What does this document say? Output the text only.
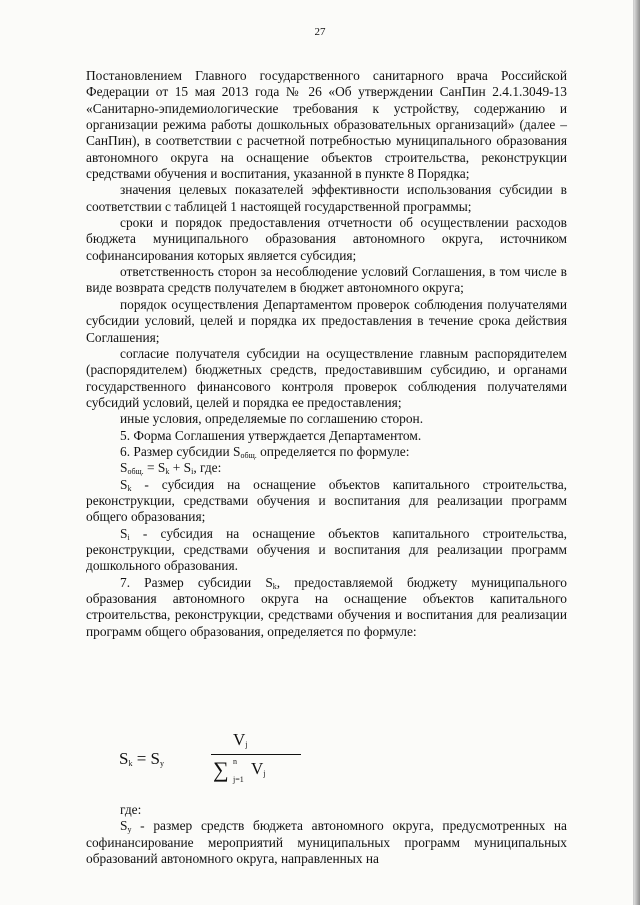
27

Постановлением Главного государственного санитарного врача Российской Федерации от 15 мая 2013 года № 26 «Об утверждении СанПин 2.4.1.3049-13 «Санитарно-эпидемиологические требования к устройству, содержанию и организации режима работы дошкольных образовательных организаций» (далее – СанПин), в соответствии с расчетной потребностью муниципального образования автономного округа на оснащение объектов строительства, реконструкции средствами обучения и воспитания, указанной в пункте 8 Порядка;

значения целевых показателей эффективности использования субсидии в соответствии с таблицей 1 настоящей государственной программы;

сроки и порядок предоставления отчетности об осуществлении расходов бюджета муниципального образования автономного округа, источником софинансирования которых является субсидия;

ответственность сторон за несоблюдение условий Соглашения, в том числе в виде возврата средств получателем в бюджет автономного округа;

порядок осуществления Департаментом проверок соблюдения получателями субсидии условий, целей и порядка их предоставления в течение срока действия Соглашения;

согласие получателя субсидии на осуществление главным распорядителем (распорядителем) бюджетных средств, предоставившим субсидию, и органами государственного финансового контроля проверок соблюдения получателями субсидий условий, целей и порядка ее предоставления;

иные условия, определяемые по соглашению сторон.

5. Форма Соглашения утверждается Департаментом.

6. Размер субсидии $S_{общ.}$ определяется по формуле:

$S_{общ.} = S_k + S_i$, где:

$S_k$ - субсидия на оснащение объектов капитального строительства, реконструкции, средствами обучения и воспитания для реализации программ общего образования;

$S_i$ - субсидия на оснащение объектов капитального строительства, реконструкции, средствами обучения и воспитания для реализации программ дошкольного образования.

7. Размер субсидии $S_k$, предоставляемой бюджету муниципального образования автономного округа на оснащение объектов капитального строительства, реконструкции, средствами обучения и воспитания для реализации программ общего образования, определяется по формуле:

$S_k = S_y$
$V_j$
∑ n
j=1
$V_j$

где:

$S_y$ - размер средств бюджета автономного округа, предусмотренных на софинансирование мероприятий муниципальных программ муниципальных образований автономного округа, направленных на
